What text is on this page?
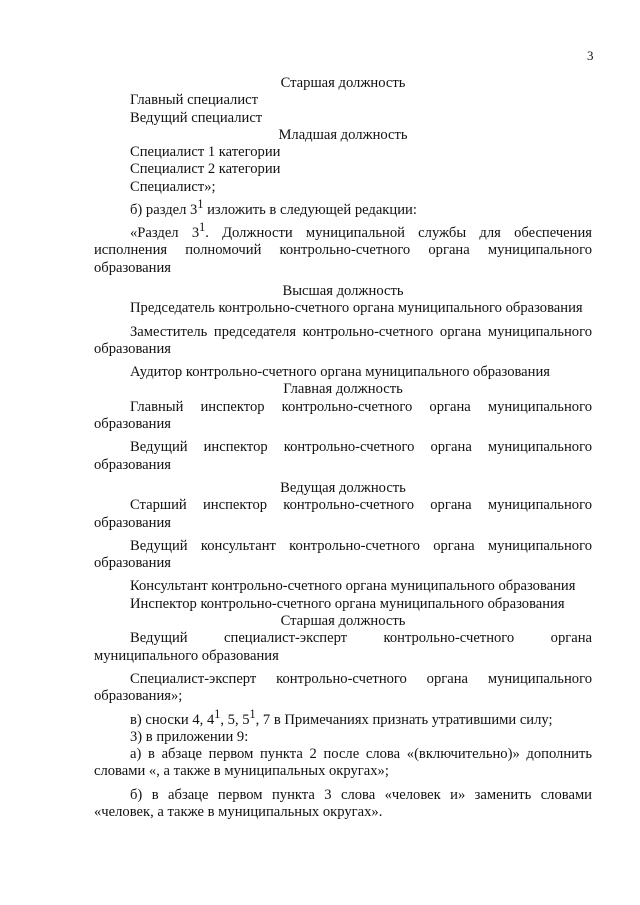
3

Старшая должность

Главный специалист

Ведущий специалист

Младшая должность

Специалист 1 категории

Специалист 2 категории

Специалист»;

б) раздел $3^1$ изложить в следующей редакции:

«Раздел $3^1$. Должности муниципальной службы для обеспечения исполнения полномочий контрольно-счетного органа муниципального образования

Высшая должность

Председатель контрольно-счетного органа муниципального образования

Заместитель председателя контрольно-счетного органа муниципального образования

Аудитор контрольно-счетного органа муниципального образования

Главная должность

Главный инспектор контрольно-счетного органа муниципального образования

Ведущий инспектор контрольно-счетного органа муниципального образования

Ведущая должность

Старший инспектор контрольно-счетного органа муниципального образования

Ведущий консультант контрольно-счетного органа муниципального образования

Консультант контрольно-счетного органа муниципального образования

Инспектор контрольно-счетного органа муниципального образования

Старшая должность

Ведущий специалист-эксперт контрольно-счетного органа муниципального образования

Специалист-эксперт контрольно-счетного органа муниципального образования»;

в) сноски 4, $4^1$, 5, $5^1$, 7 в Примечаниях признать утратившими силу;

3) в приложении 9:

а) в абзаце первом пункта 2 после слова «(включительно)» дополнить словами «, а также в муниципальных округах»;

б) в абзаце первом пункта 3 слова «человек и» заменить словами «человек, а также в муниципальных округах».
